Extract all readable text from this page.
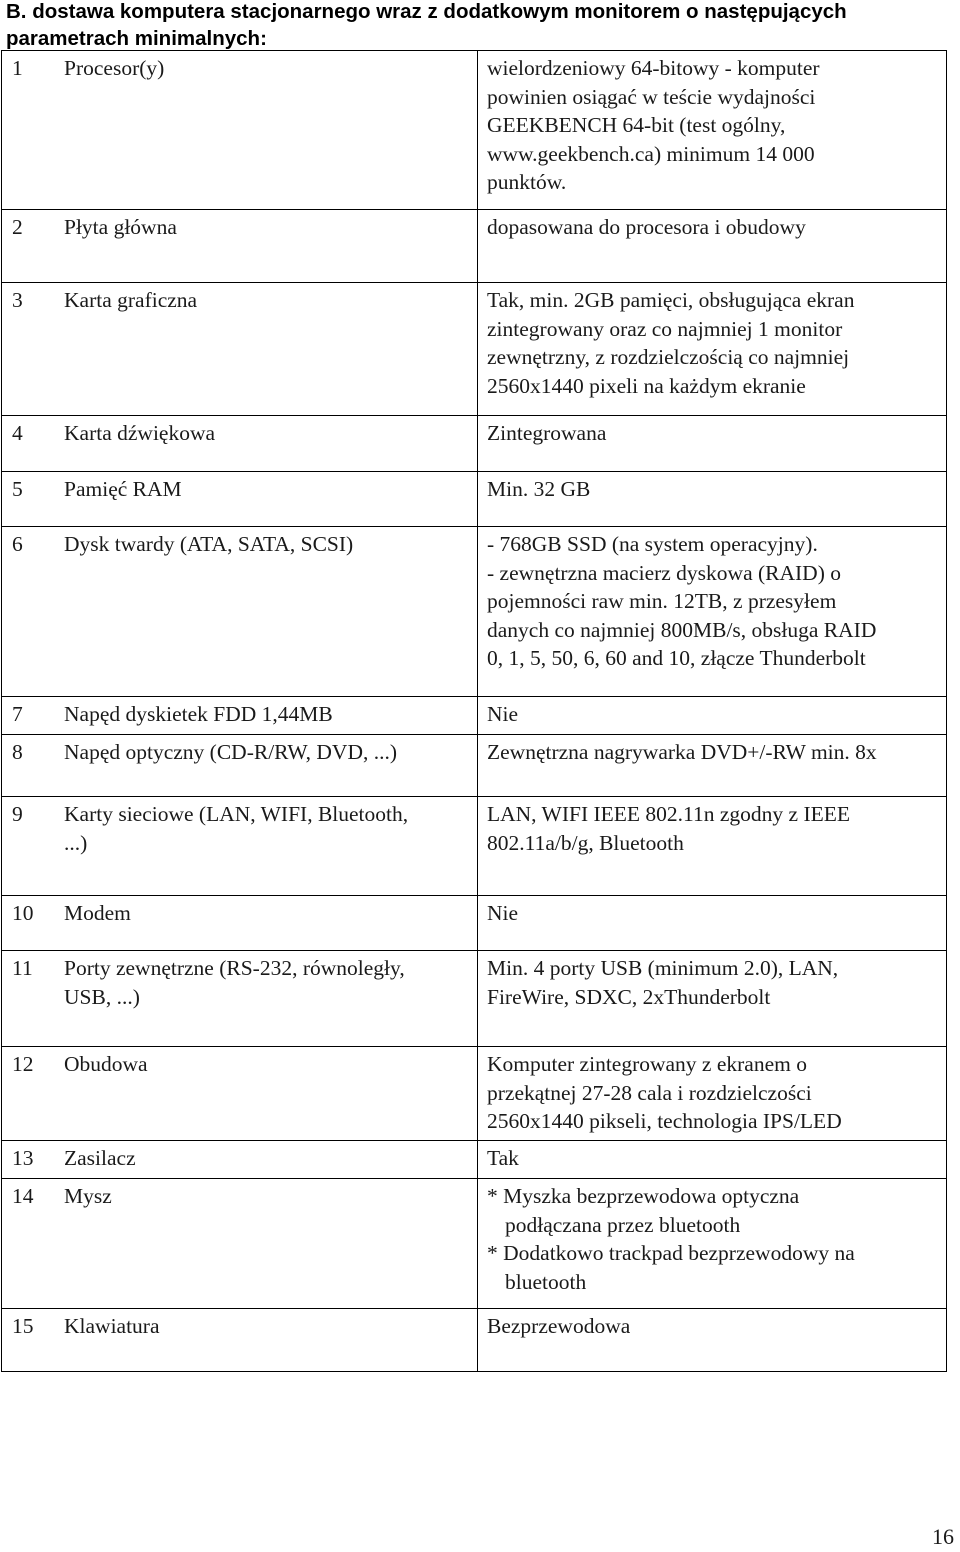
B. dostawa komputera stacjonarnego wraz z dodatkowym monitorem o następujących
parametrach minimalnych:
1 Procesor(y)	wielordzeniowy 64-bitowy - komputer
powinien osiągać w teście wydajności
GEEKBENCH 64-bit (test ogólny,
www.geekbench.ca) minimum 14 000
punktów.

2 Płyta główna	dopasowana do procesora i obudowy

3 Karta graficzna	Tak, min. 2GB pamięci, obsługująca ekran
zintegrowany oraz co najmniej 1 monitor
zewnętrzny, z rozdzielczością co najmniej
2560x1440 pixeli na każdym ekranie

4 Karta dźwiękowa	Zintegrowana

5 Pamięć RAM	Min. 32 GB

6 Dysk twardy (ATA, SATA, SCSI)	- 768GB SSD (na system operacyjny).
- zewnętrzna macierz dyskowa (RAID) o
pojemności raw min. 12TB, z przesyłem
danych co najmniej 800MB/s, obsługa RAID
0, 1, 5, 50, 6, 60 and 10, złącze Thunderbolt

7 Napęd dyskietek FDD 1,44MB	Nie

8 Napęd optyczny (CD-R/RW, DVD, ...)	Zewnętrzna nagrywarka DVD+/-RW min. 8x

9 Karty sieciowe (LAN, WIFI, Bluetooth,
...)	LAN, WIFI IEEE 802.11n zgodny z IEEE
802.11a/b/g, Bluetooth

10 Modem	Nie

11 Porty zewnętrzne (RS-232, równoległy,
USB, ...)	Min. 4 porty USB (minimum 2.0), LAN,
FireWire, SDXC, 2xThunderbolt

12 Obudowa	Komputer zintegrowany z ekranem o
przekątnej 27-28 cala i rozdzielczości
2560x1440 pikseli, technologia IPS/LED

13 Zasilacz	Tak

14 Mysz	* Myszka bezprzewodowa optyczna
podłączana przez bluetooth
* Dodatkowo trackpad bezprzewodowy na
bluetooth

15 Klawiatura	Bezprzewodowa
16
